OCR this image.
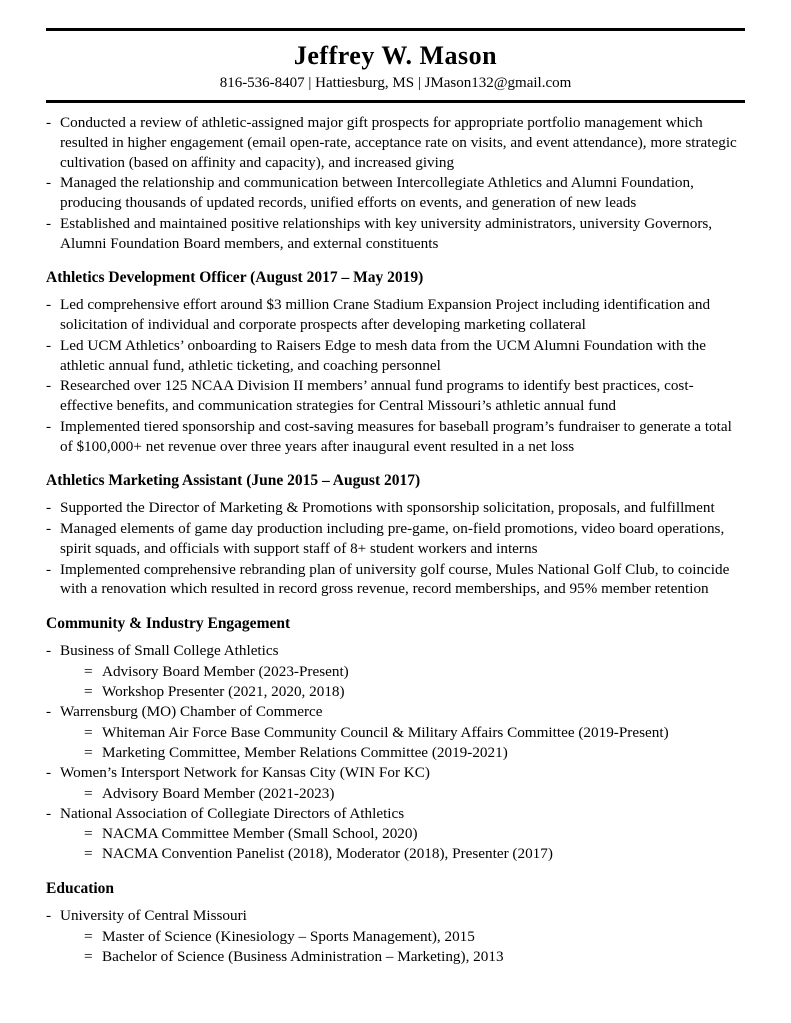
Jeffrey W. Mason
816-536-8407 | Hattiesburg, MS | JMason132@gmail.com
- Conducted a review of athletic-assigned major gift prospects for appropriate portfolio management which resulted in higher engagement (email open-rate, acceptance rate on visits, and event attendance), more strategic cultivation (based on affinity and capacity), and increased giving
- Managed the relationship and communication between Intercollegiate Athletics and Alumni Foundation, producing thousands of updated records, unified efforts on events, and generation of new leads
- Established and maintained positive relationships with key university administrators, university Governors, Alumni Foundation Board members, and external constituents
Athletics Development Officer (August 2017 – May 2019)
- Led comprehensive effort around $3 million Crane Stadium Expansion Project including identification and solicitation of individual and corporate prospects after developing marketing collateral
- Led UCM Athletics’ onboarding to Raisers Edge to mesh data from the UCM Alumni Foundation with the athletic annual fund, athletic ticketing, and coaching personnel
- Researched over 125 NCAA Division II members’ annual fund programs to identify best practices, cost-effective benefits, and communication strategies for Central Missouri’s athletic annual fund
- Implemented tiered sponsorship and cost-saving measures for baseball program’s fundraiser to generate a total of $100,000+ net revenue over three years after inaugural event resulted in a net loss
Athletics Marketing Assistant (June 2015 – August 2017)
- Supported the Director of Marketing & Promotions with sponsorship solicitation, proposals, and fulfillment
- Managed elements of game day production including pre-game, on-field promotions, video board operations, spirit squads, and officials with support staff of 8+ student workers and interns
- Implemented comprehensive rebranding plan of university golf course, Mules National Golf Club, to coincide with a renovation which resulted in record gross revenue, record memberships, and 95% member retention
Community & Industry Engagement
- Business of Small College Athletics
= Advisory Board Member (2023-Present)
= Workshop Presenter (2021, 2020, 2018)
- Warrensburg (MO) Chamber of Commerce
= Whiteman Air Force Base Community Council & Military Affairs Committee (2019-Present)
= Marketing Committee, Member Relations Committee (2019-2021)
- Women’s Intersport Network for Kansas City (WIN For KC)
= Advisory Board Member (2021-2023)
- National Association of Collegiate Directors of Athletics
= NACMA Committee Member (Small School, 2020)
= NACMA Convention Panelist (2018), Moderator (2018), Presenter (2017)
Education
- University of Central Missouri
= Master of Science (Kinesiology – Sports Management), 2015
= Bachelor of Science (Business Administration – Marketing), 2013
